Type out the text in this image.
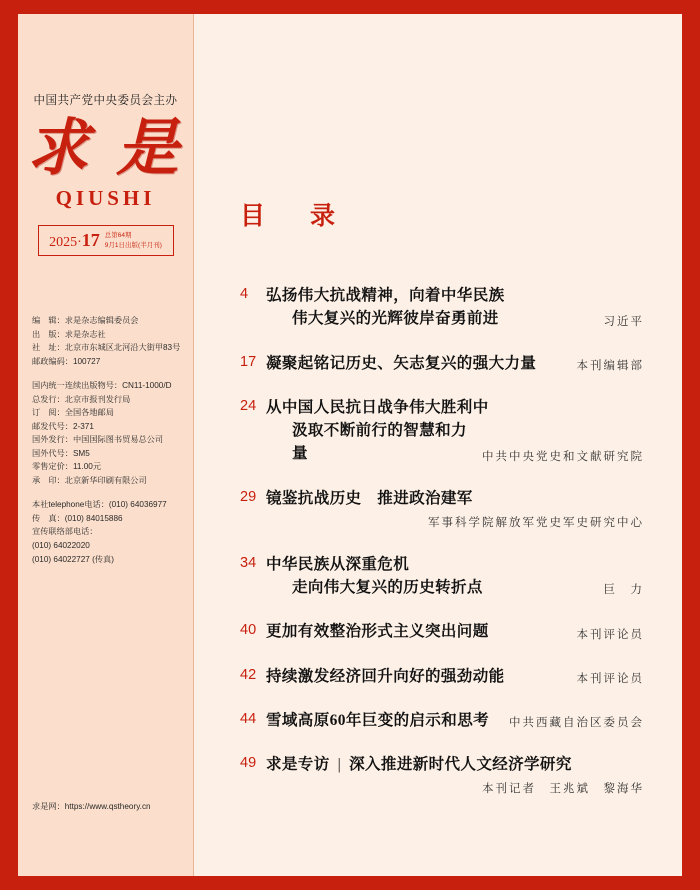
中国共产党中央委员会主办
求 是
QIUSHI
2025·17 总第64期
9月1日出版(半月刊)
编　辑：求是杂志编辑委员会
出　版：求是杂志社
社　址：北京市东城区北河沿大街甲83号
邮政编码：100727
国内统一连续出版物号：CN11-1000/D
总发行：北京市报刊发行局
订　阅：全国各地邮局
邮发代号：2-371
国外发行：中国国际图书贸易总公司
国外代号：SM5
零售定价：11.00元
承　印：北京新华印刷有限公司
本社telephone电话：(010) 64036977
传　真：(010) 84015886
宣传联络部电话：
(010) 64022020
(010) 64022727 (传真)
求是网：https://www.qstheory.cn
目　录
4	弘扬伟大抗战精神，向着中华民族
伟大复兴的光辉彼岸奋勇前进	习近平
17 凝聚起铭记历史、矢志复兴的强大力量	本刊编辑部
24 从中国人民抗日战争伟大胜利中
汲取不断前行的智慧和力量	中共中央党史和文献研究院
29 镜鉴抗战历史　推进政治建军
军事科学院解放军党史军史研究中心
34 中华民族从深重危机
走向伟大复兴的历史转折点	巨　力
40 更加有效整治形式主义突出问题	本刊评论员
42 持续激发经济回升向好的强劲动能	本刊评论员
44 雪域高原60年巨变的启示和思考 中共西藏自治区委员会
49 求是专访 | 深入推进新时代人文经济学研究
本刊记者　王兆斌　黎海华
